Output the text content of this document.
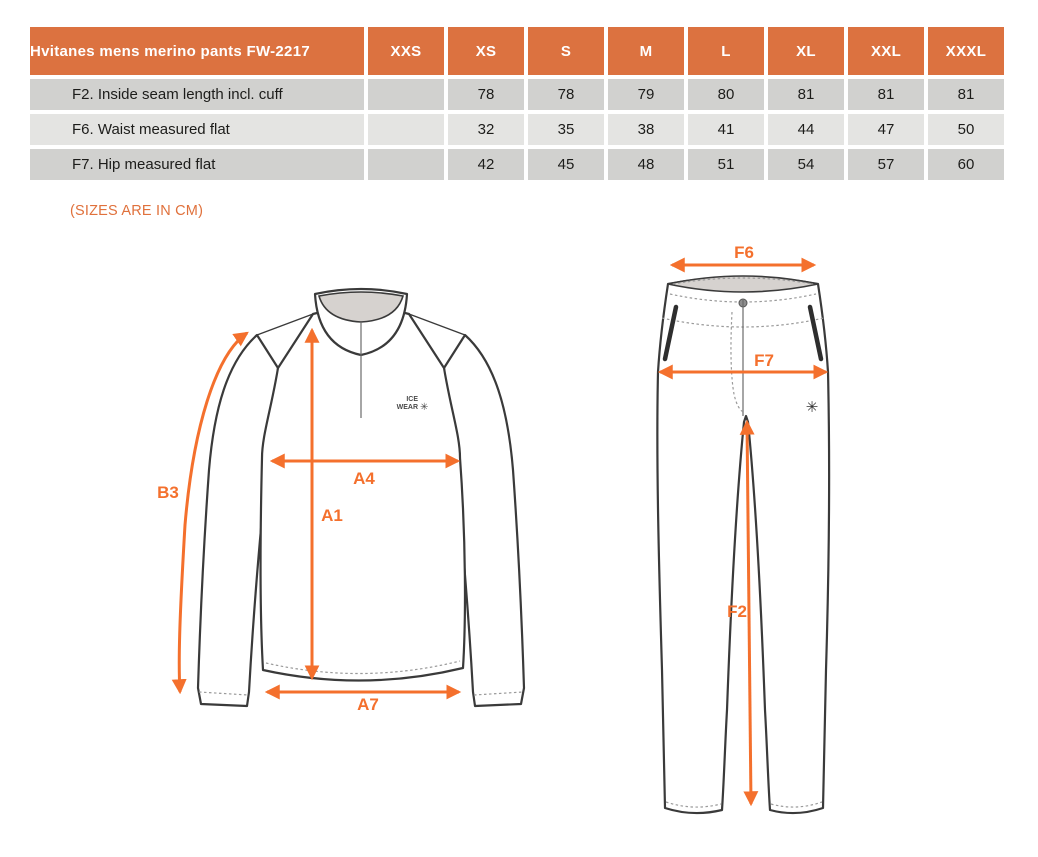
Hvitanes mens merino pants FW-2217	XXS	XS	S	M	L	XL	XXL	XXXL
F2. Inside seam length incl. cuff		78	78	79	80	81	81	81
F6. Waist measured flat		32	35	38	41	44	47	50
F7. Hip measured flat		42	45	48	51	54	57	60
(SIZES ARE IN CM)
ICE
WEAR ✳
B3
A4
A1
A7
✳
F6
F7
F2
